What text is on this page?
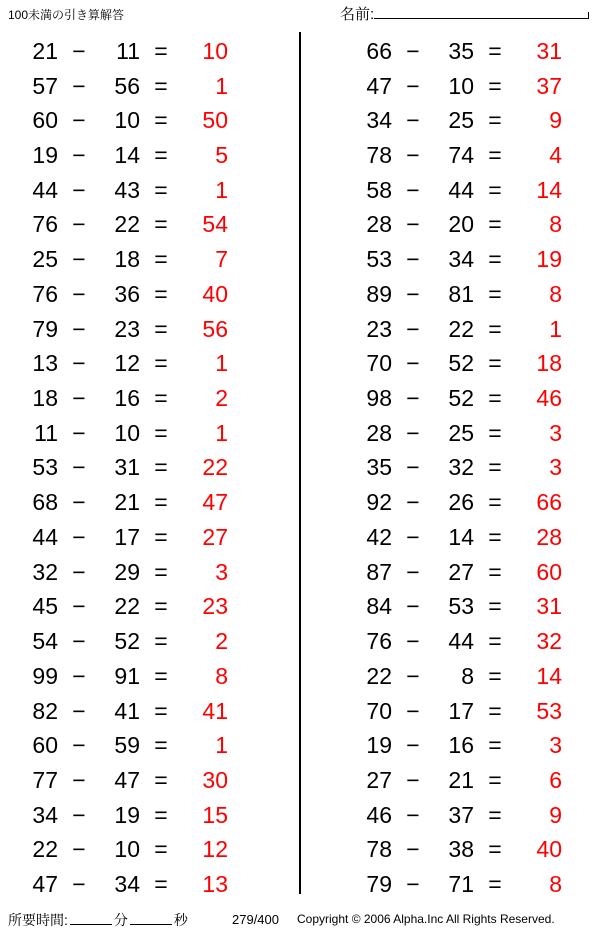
100未満の引き算解答	名前:
21 −	11 =	10
57 −	56 =	1
60 −	10 =	50
19 −	14 =	5
44 −	43 =	1
76 −	22 =	54
25 −	18 =	7
76 −	36 =	40
79 −	23 =	56
13 −	12 =	1
18 −	16 =	2
11 −	10 =	1
53 −	31 =	22
68 −	21 =	47
44 −	17 =	27
32 −	29 =	3
45 −	22 =	23
54 −	52 =	2
99 −	91 =	8
82 −	41 =	41
60 −	59 =	1
77 −	47 =	30
34 −	19 =	15
22 −	10 =	12
47 −	34 =	13
66 −	35 =	31
47 −	10 =	37
34 −	25 =	9
78 −	74 =	4
58 −	44 =	14
28 −	20 =	8
53 −	34 =	19
89 −	81 =	8
23 −	22 =	1
70 −	52 =	18
98 −	52 =	46
28 −	25 =	3
35 −	32 =	3
92 −	26 =	66
42 −	14 =	28
87 −	27 =	60
84 −	53 =	31
76 −	44 =	32
22 −	8 =	14
70 −	17 =	53
19 −	16 =	3
27 −	21 =	6
46 −	37 =	9
78 −	38 =	40
79 −	71 =	8
所要時間:	分	秒	279/400 Copyright © 2006 Alpha.Inc All Rights Reserved.
